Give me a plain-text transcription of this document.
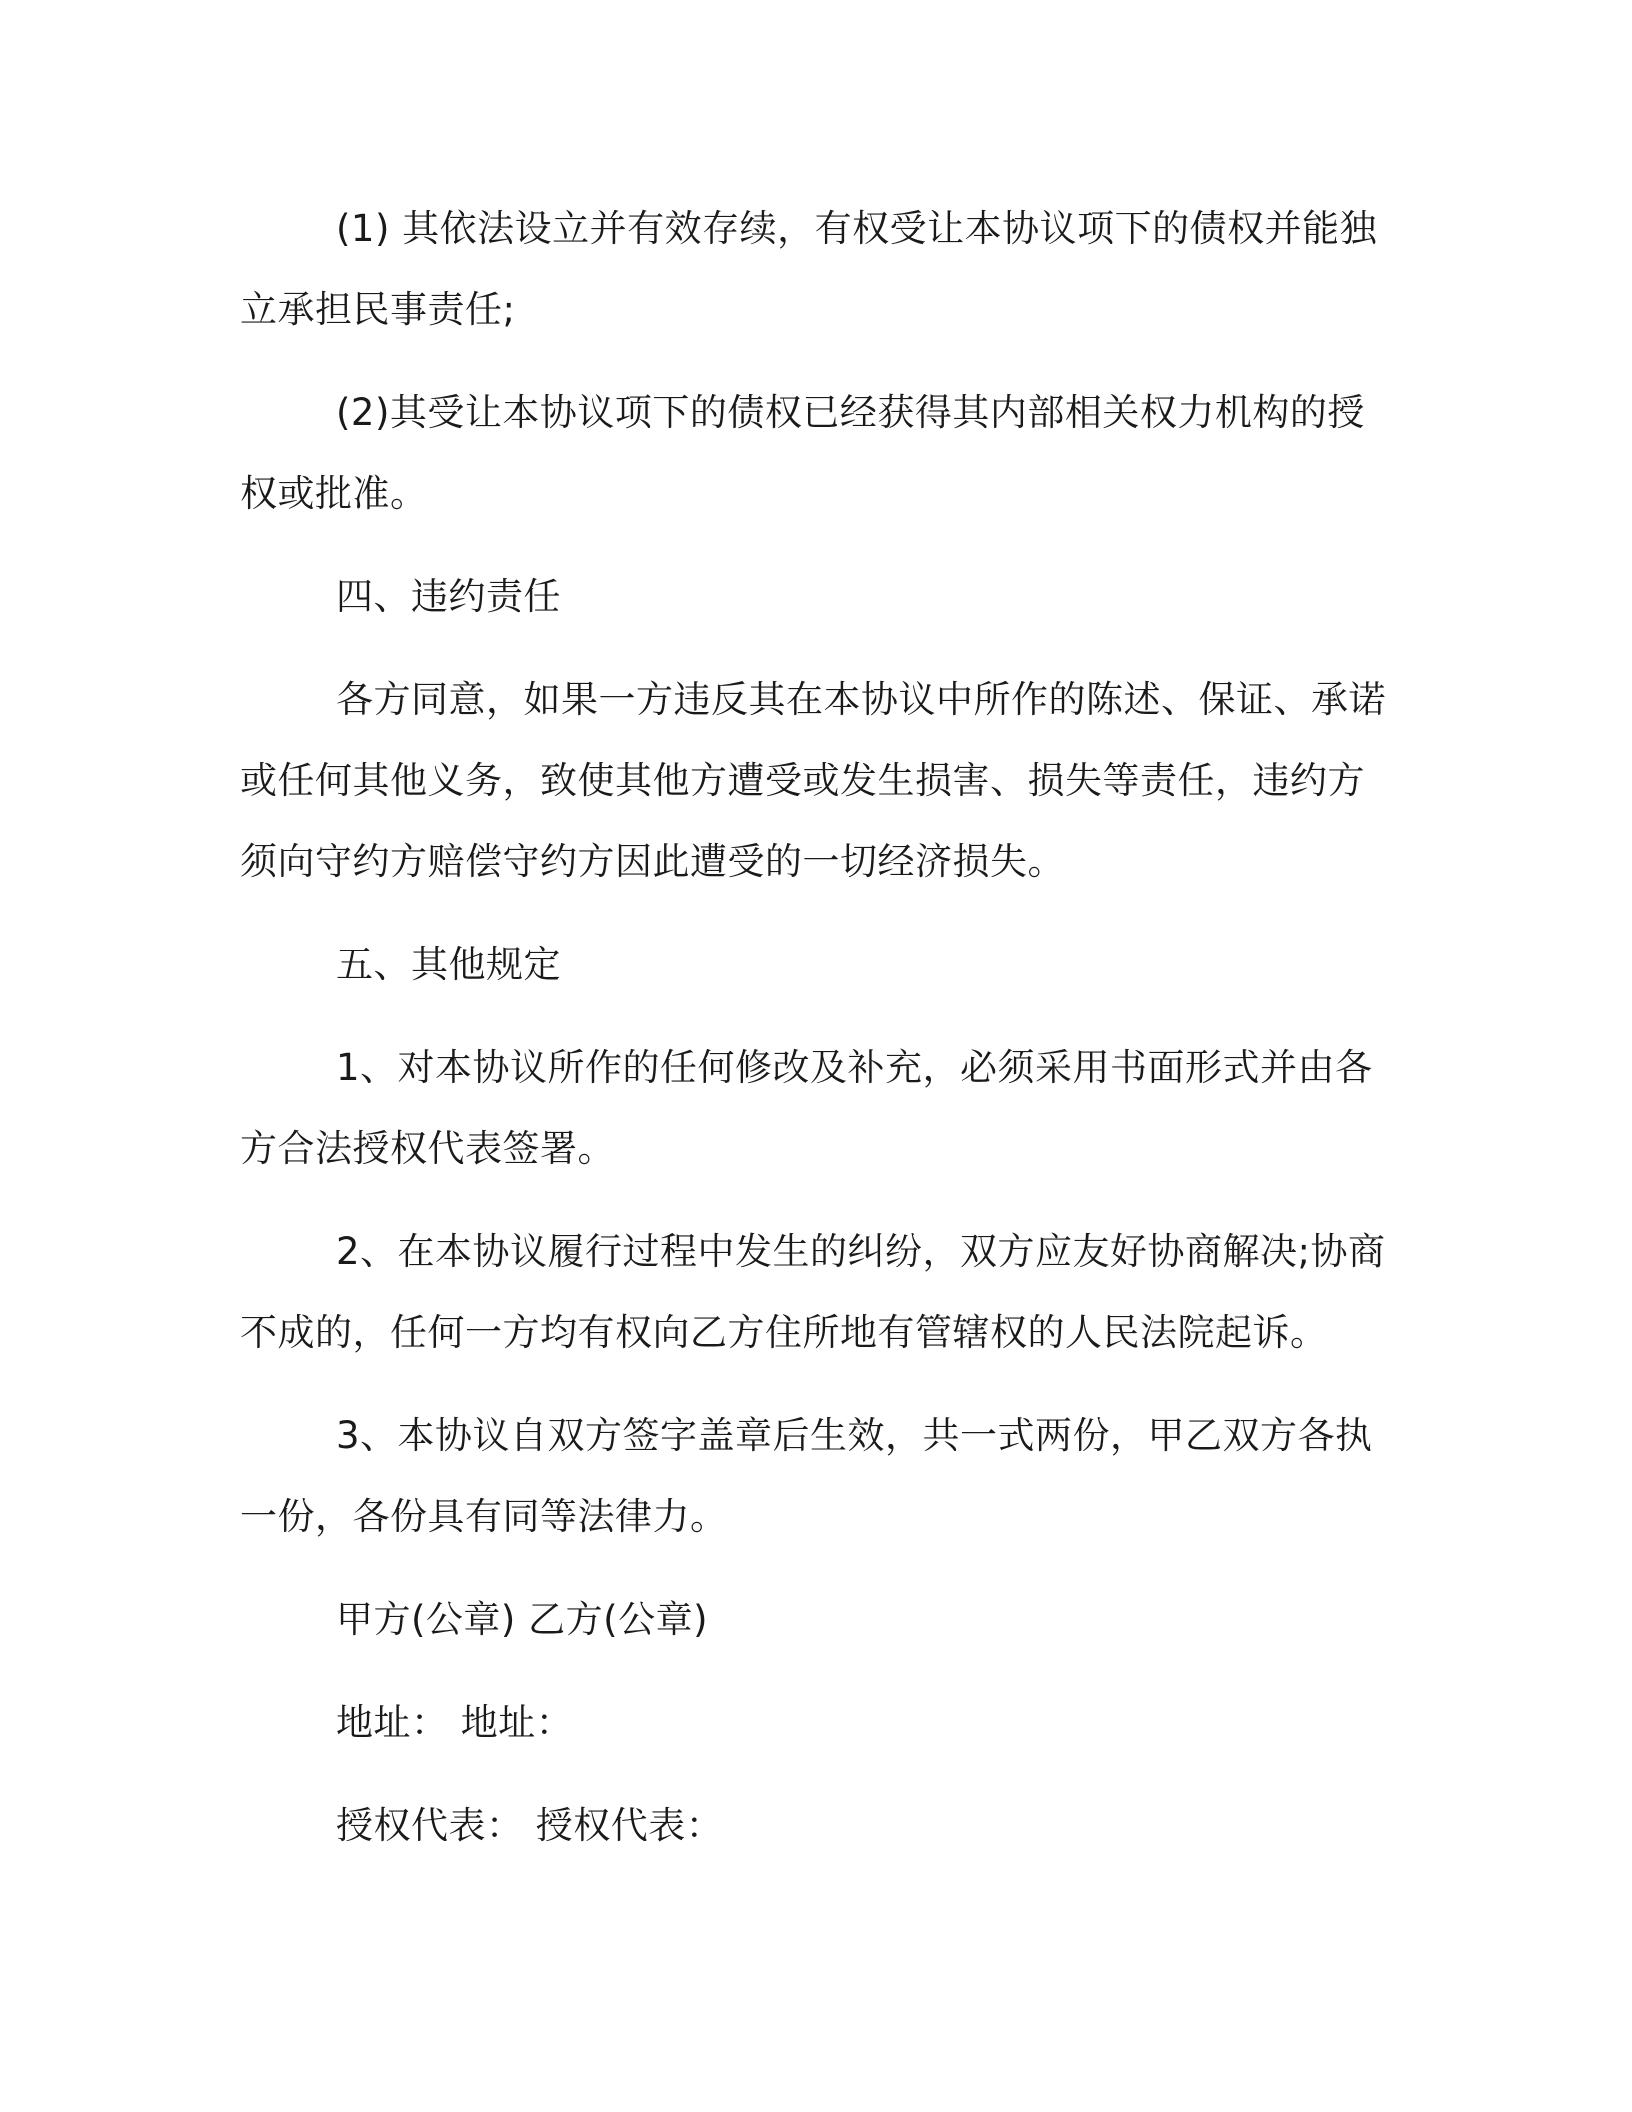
(1) 其依法设立并有效存续，有权受让本协议项下的债权并能独立承担民事责任;

(2)其受让本协议项下的债权已经获得其内部相关权力机构的授权或批准。

四、违约责任

各方同意，如果一方违反其在本协议中所作的陈述、保证、承诺或任何其他义务，致使其他方遭受或发生损害、损失等责任，违约方须向守约方赔偿守约方因此遭受的一切经济损失。

五、其他规定

1、对本协议所作的任何修改及补充，必须采用书面形式并由各方合法授权代表签署。

2、在本协议履行过程中发生的纠纷，双方应友好协商解决;协商不成的，任何一方均有权向乙方住所地有管辖权的人民法院起诉。

3、本协议自双方签字盖章后生效，共一式两份，甲乙双方各执一份，各份具有同等法律力。

甲方(公章) 乙方(公章)

地址： 地址：

授权代表： 授权代表：
